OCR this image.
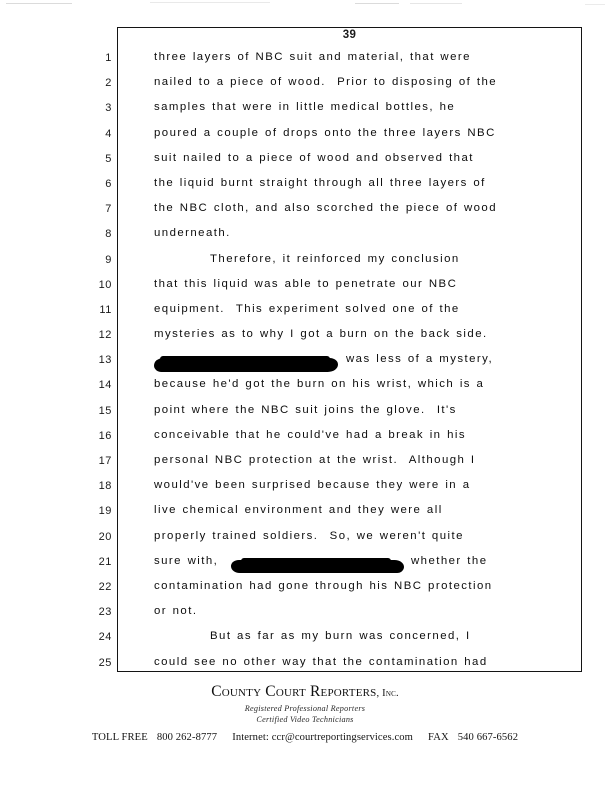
39
1	three layers of NBC suit and material, that were
2	nailed to a piece of wood.  Prior to disposing of the
3	samples that were in little medical bottles, he
4	poured a couple of drops onto the three layers NBC
5	suit nailed to a piece of wood and observed that
6	the liquid burnt straight through all three layers of
7	the NBC cloth, and also scorched the piece of wood
8	underneath.
9	Therefore, it reinforced my conclusion
10	that this liquid was able to penetrate our NBC
11	equipment.  This experiment solved one of the
12	mysteries as to why I got a burn on the back side.
13	was less of a mystery,
14	because he'd got the burn on his wrist, which is a
15	point where the NBC suit joins the glove.  It's
16	conceivable that he could've had a break in his
17	personal NBC protection at the wrist.  Although I
18	would've been surprised because they were in a
19	live chemical environment and they were all
20	properly trained soldiers.  So, we weren't quite
21	sure with,	whether the
22	contamination had gone through his NBC protection
23	or not.
24	But as far as my burn was concerned, I
25	could see no other way that the contamination had
County Court Reporters, Inc.
Registered Professional Reporters
Certified Video Technicians
TOLL FREE 800 262-8777 Internet: ccr@courtreportingservices.com FAX 540 667-6562
